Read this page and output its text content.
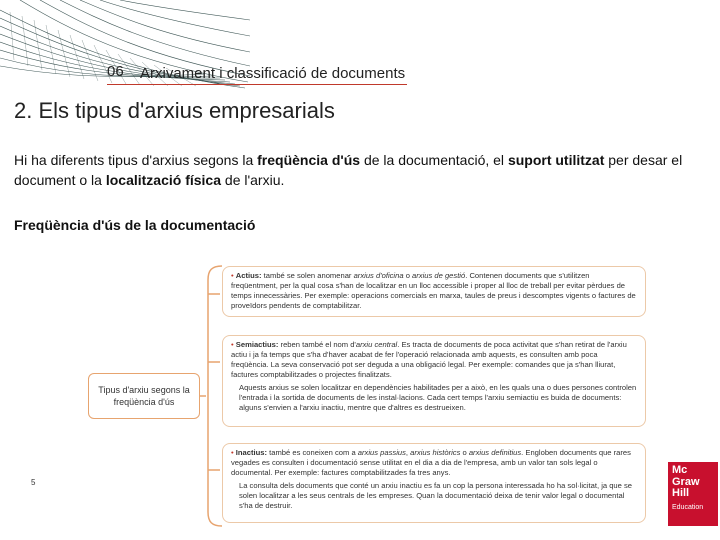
06 Arxivament i classificació de documents
2. Els tipus d'arxius empresarials
Hi ha diferents tipus d'arxius segons la freqüència d'ús de la documentació, el suport utilitzat per desar el document o la localització física de l'arxiu.
Freqüència d'ús de la documentació
Tipus d'arxiu segons la freqüència d'ús

• Actius: també se solen anomenar arxius d'oficina o arxius de gestió. Contenen documents que s'utilitzen freqüentment, per la qual cosa s'han de localitzar en un lloc accessible i proper al lloc de treball per evitar pèrdues de temps innecessàries. Per exemple: operacions comercials en marxa, taules de preus i descomptes vigents o factures de proveïdors pendents de comptabilitzar.

• Semiactius: reben també el nom d'arxiu central. Es tracta de documents de poca activitat que s'han retirat de l'arxiu actiu i ja fa temps que s'ha d'haver acabat de fer l'operació relacionada amb aquests, es consulten amb poca freqüència. La seva conservació pot ser deguda a una obligació legal. Per exemple: comandes que ja s'han lliurat, factures comptabilitzades o projectes finalitzats.

Aquests arxius se solen localitzar en dependències habilitades per a això, en les quals una o dues persones controlen l'entrada i la sortida de documents de les instal·lacions. Cada cert temps l'arxiu semiactiu es buida de documents: alguns s'envien a l'arxiu inactiu, mentre que d'altres es destrueixen.

• Inactius: també es coneixen com a arxius passius, arxius històrics o arxius definitius. Engloben documents que rares vegades es consulten i documentació sense utilitat en el dia a dia de l'empresa, amb un valor tan sols legal o documental. Per exemple: factures comptabilitzades fa tres anys.

La consulta dels documents que conté un arxiu inactiu es fa un cop la persona interessada ho ha sol·licitat, ja que se solen localitzar a les seus centrals de les empreses. Quan la documentació deixa de tenir valor legal o documental s'ha de destruir.

5
Mc
Graw
Hill
Education
